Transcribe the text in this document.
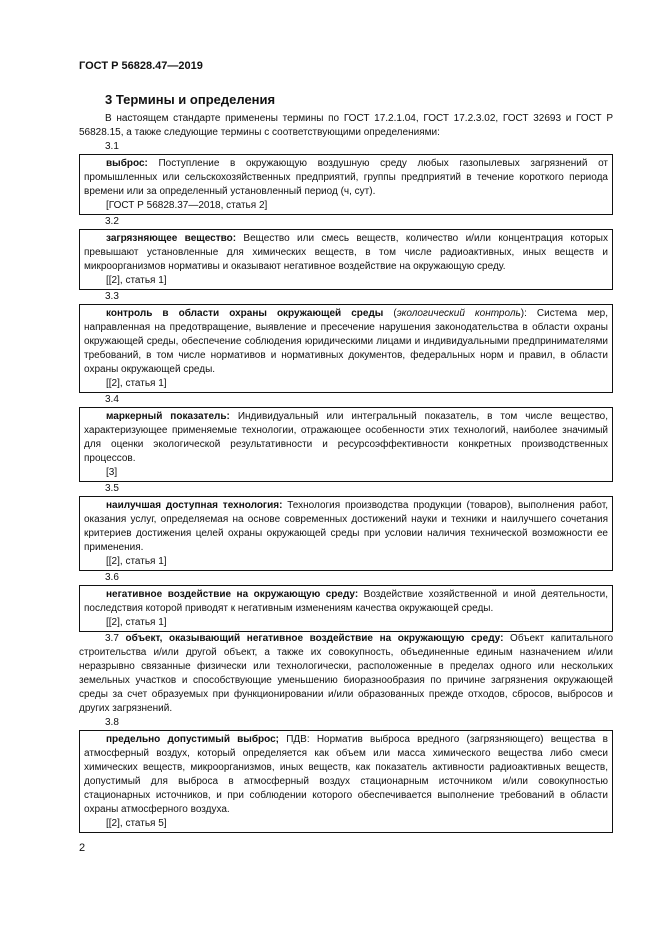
ГОСТ Р 56828.47—2019
3 Термины и определения

В настоящем стандарте применены термины по ГОСТ 17.2.1.04, ГОСТ 17.2.3.02, ГОСТ 32693 и ГОСТ Р 56828.15, а также следующие термины с соответствующими определениями:

3.1

выброс: Поступление в окружающую воздушную среду любых газопылевых загрязнений от промышленных или сельскохозяйственных предприятий, группы предприятий в течение короткого периода времени или за определенный установленный период (ч, сут).

[ГОСТ Р 56828.37—2018, статья 2]
3.2

загрязняющее вещество: Вещество или смесь веществ, количество и/или концентрация которых превышают установленные для химических веществ, в том числе радиоактивных, иных веществ и микроорганизмов нормативы и оказывают негативное воздействие на окружающую среду.

[[2], статья 1]
3.3

контроль в области охраны окружающей среды (экологический контроль): Система мер, направленная на предотвращение, выявление и пресечение нарушения законодательства в области охраны окружающей среды, обеспечение соблюдения юридическими лицами и индивидуальными предпринимателями требований, в том числе нормативов и нормативных документов, федеральных норм и правил, в области охраны окружающей среды.

[[2], статья 1]
3.4

маркерный показатель: Индивидуальный или интегральный показатель, в том числе вещество, характеризующее применяемые технологии, отражающее особенности этих технологий, наиболее значимый для оценки экологической результативности и ресурсоэффективности конкретных производственных процессов.

[3]
3.5

наилучшая доступная технология: Технология производства продукции (товаров), выполнения работ, оказания услуг, определяемая на основе современных достижений науки и техники и наилучшего сочетания критериев достижения целей охраны окружающей среды при условии наличия технической возможности ее применения.

[[2], статья 1]
3.6

негативное воздействие на окружающую среду: Воздействие хозяйственной и иной деятельности, последствия которой приводят к негативным изменениям качества окружающей среды.

[[2], статья 1]

3.7 объект, оказывающий негативное воздействие на окружающую среду: Объект капитального строительства и/или другой объект, а также их совокупность, объединенные единым назначением и/или неразрывно связанные физически или технологически, расположенные в пределах одного или нескольких земельных участков и способствующие уменьшению биоразнообразия по причине загрязнения окружающей среды за счет образуемых при функционировании и/или образованных прежде отходов, сбросов, выбросов и других загрязнений.

3.8

предельно допустимый выброс; ПДВ: Норматив выброса вредного (загрязняющего) вещества в атмосферный воздух, который определяется как объем или масса химического вещества либо смеси химических веществ, микроорганизмов, иных веществ, как показатель активности радиоактивных веществ, допустимый для выброса в атмосферный воздух стационарным источником и/или совокупностью стационарных источников, и при соблюдении которого обеспечивается выполнение требований в области охраны атмосферного воздуха.

[[2], статья 5]
2
